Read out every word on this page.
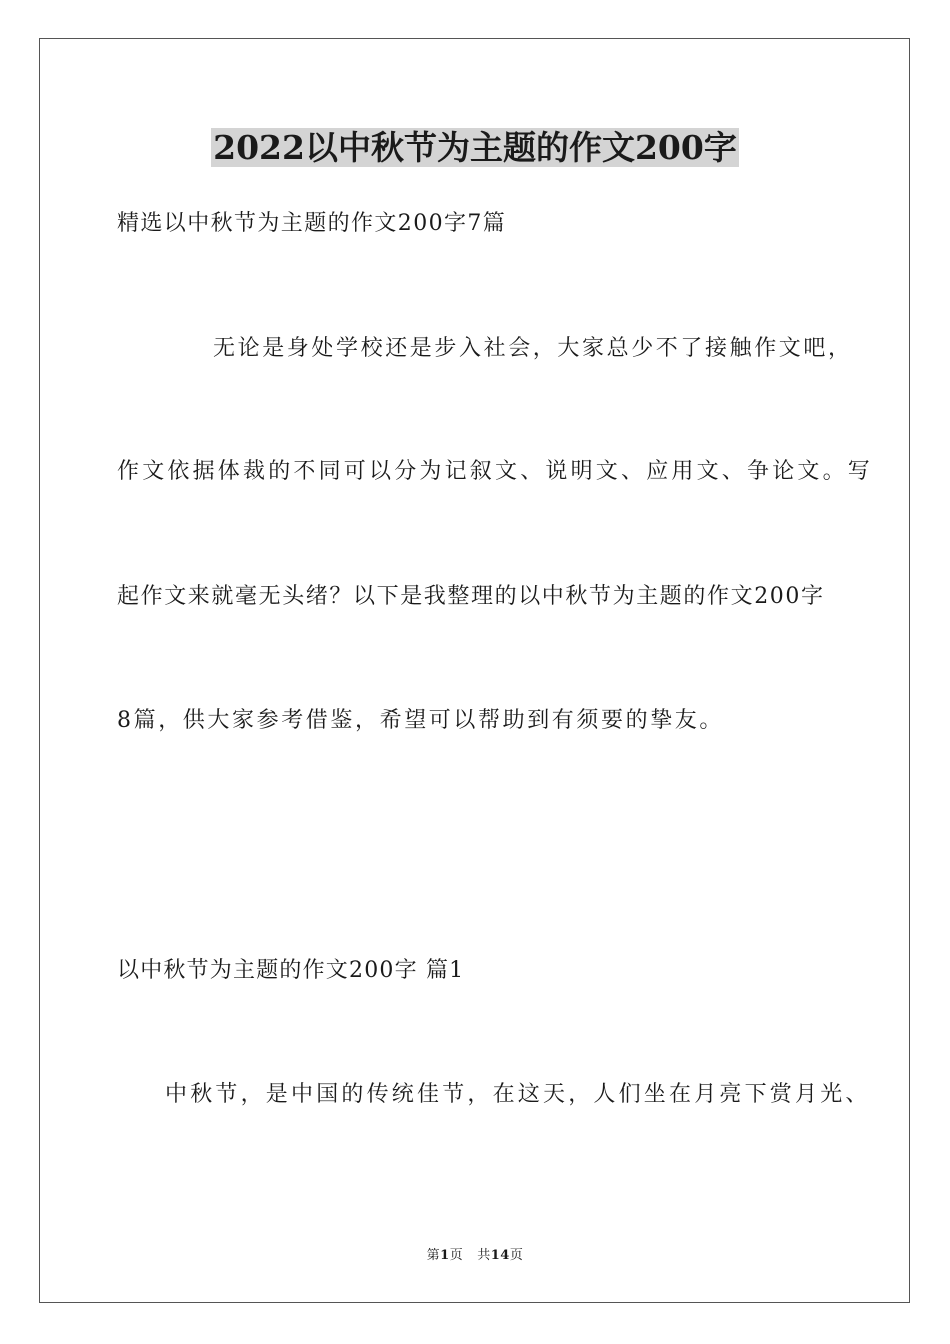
2022以中秋节为主题的作文200字
精选以中秋节为主题的作文200字7篇
无论是身处学校还是步入社会，大家总少不了接触作文吧，
作文依据体裁的不同可以分为记叙文、说明文、应用文、争论文。写
起作文来就毫无头绪？以下是我整理的以中秋节为主题的作文200字
8篇，供大家参考借鉴，希望可以帮助到有须要的挚友。
以中秋节为主题的作文200字 篇1
中秋节，是中国的传统佳节，在这天，人们坐在月亮下赏月光、
第1页 共14页
